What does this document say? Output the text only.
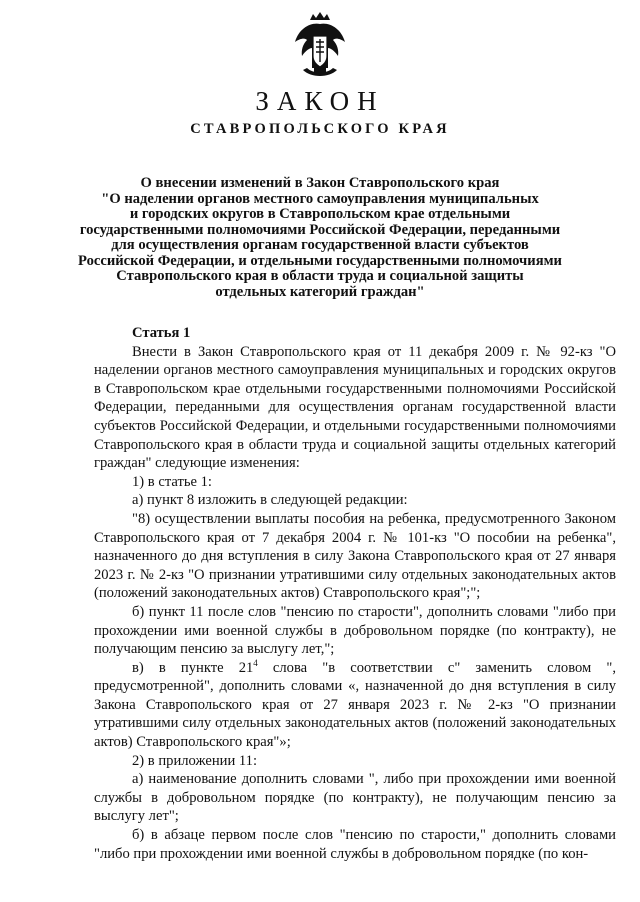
ЗАКОН
СТАВРОПОЛЬСКОГО КРАЯ
О внесении изменений в Закон Ставропольского края
"О наделении органов местного самоуправления муниципальных
и городских округов в Ставропольском крае отдельными
государственными полномочиями Российской Федерации, переданными
для осуществления органам государственной власти субъектов
Российской Федерации, и отдельными государственными полномочиями
Ставропольского края в области труда и социальной защиты
отдельных категорий граждан"

Статья 1

Внести в Закон Ставропольского края от 11 декабря 2009 г. № 92-кз "О наделении органов местного самоуправления муниципальных и городских округов в Ставропольском крае отдельными государственными полномочиями Российской Федерации, переданными для осуществления органам государственной власти субъектов Российской Федерации, и отдельными государственными полномочиями Ставропольского края в области труда и социальной защиты отдельных категорий граждан" следующие изменения:

1) в статье 1:

а) пункт 8 изложить в следующей редакции:

"8) осуществлении выплаты пособия на ребенка, предусмотренного Законом Ставропольского края от 7 декабря 2004 г. № 101-кз "О пособии на ребенка", назначенного до дня вступления в силу Закона Ставропольского края от 27 января 2023 г. № 2-кз "О признании утратившими силу отдельных законодательных актов (положений законодательных актов) Ставропольского края";";

б) пункт 11 после слов "пенсию по старости", дополнить словами "либо при прохождении ими военной службы в добровольном порядке (по контракту), не получающим пенсию за выслугу лет,";

в) в пункте $21^4$ слова "в соответствии с" заменить словом ", предусмотренной", дополнить словами «, назначенной до дня вступления в силу Закона Ставропольского края от 27 января 2023 г. № 2-кз "О признании утратившими силу отдельных законодательных актов (положений законодательных актов) Ставропольского края"»;

2) в приложении 11:

а) наименование дополнить словами ", либо при прохождении ими военной службы в добровольном порядке (по контракту), не получающим пенсию за выслугу лет";

б) в абзаце первом после слов "пенсию по старости," дополнить словами "либо при прохождении ими военной службы в добровольном порядке (по кон-
